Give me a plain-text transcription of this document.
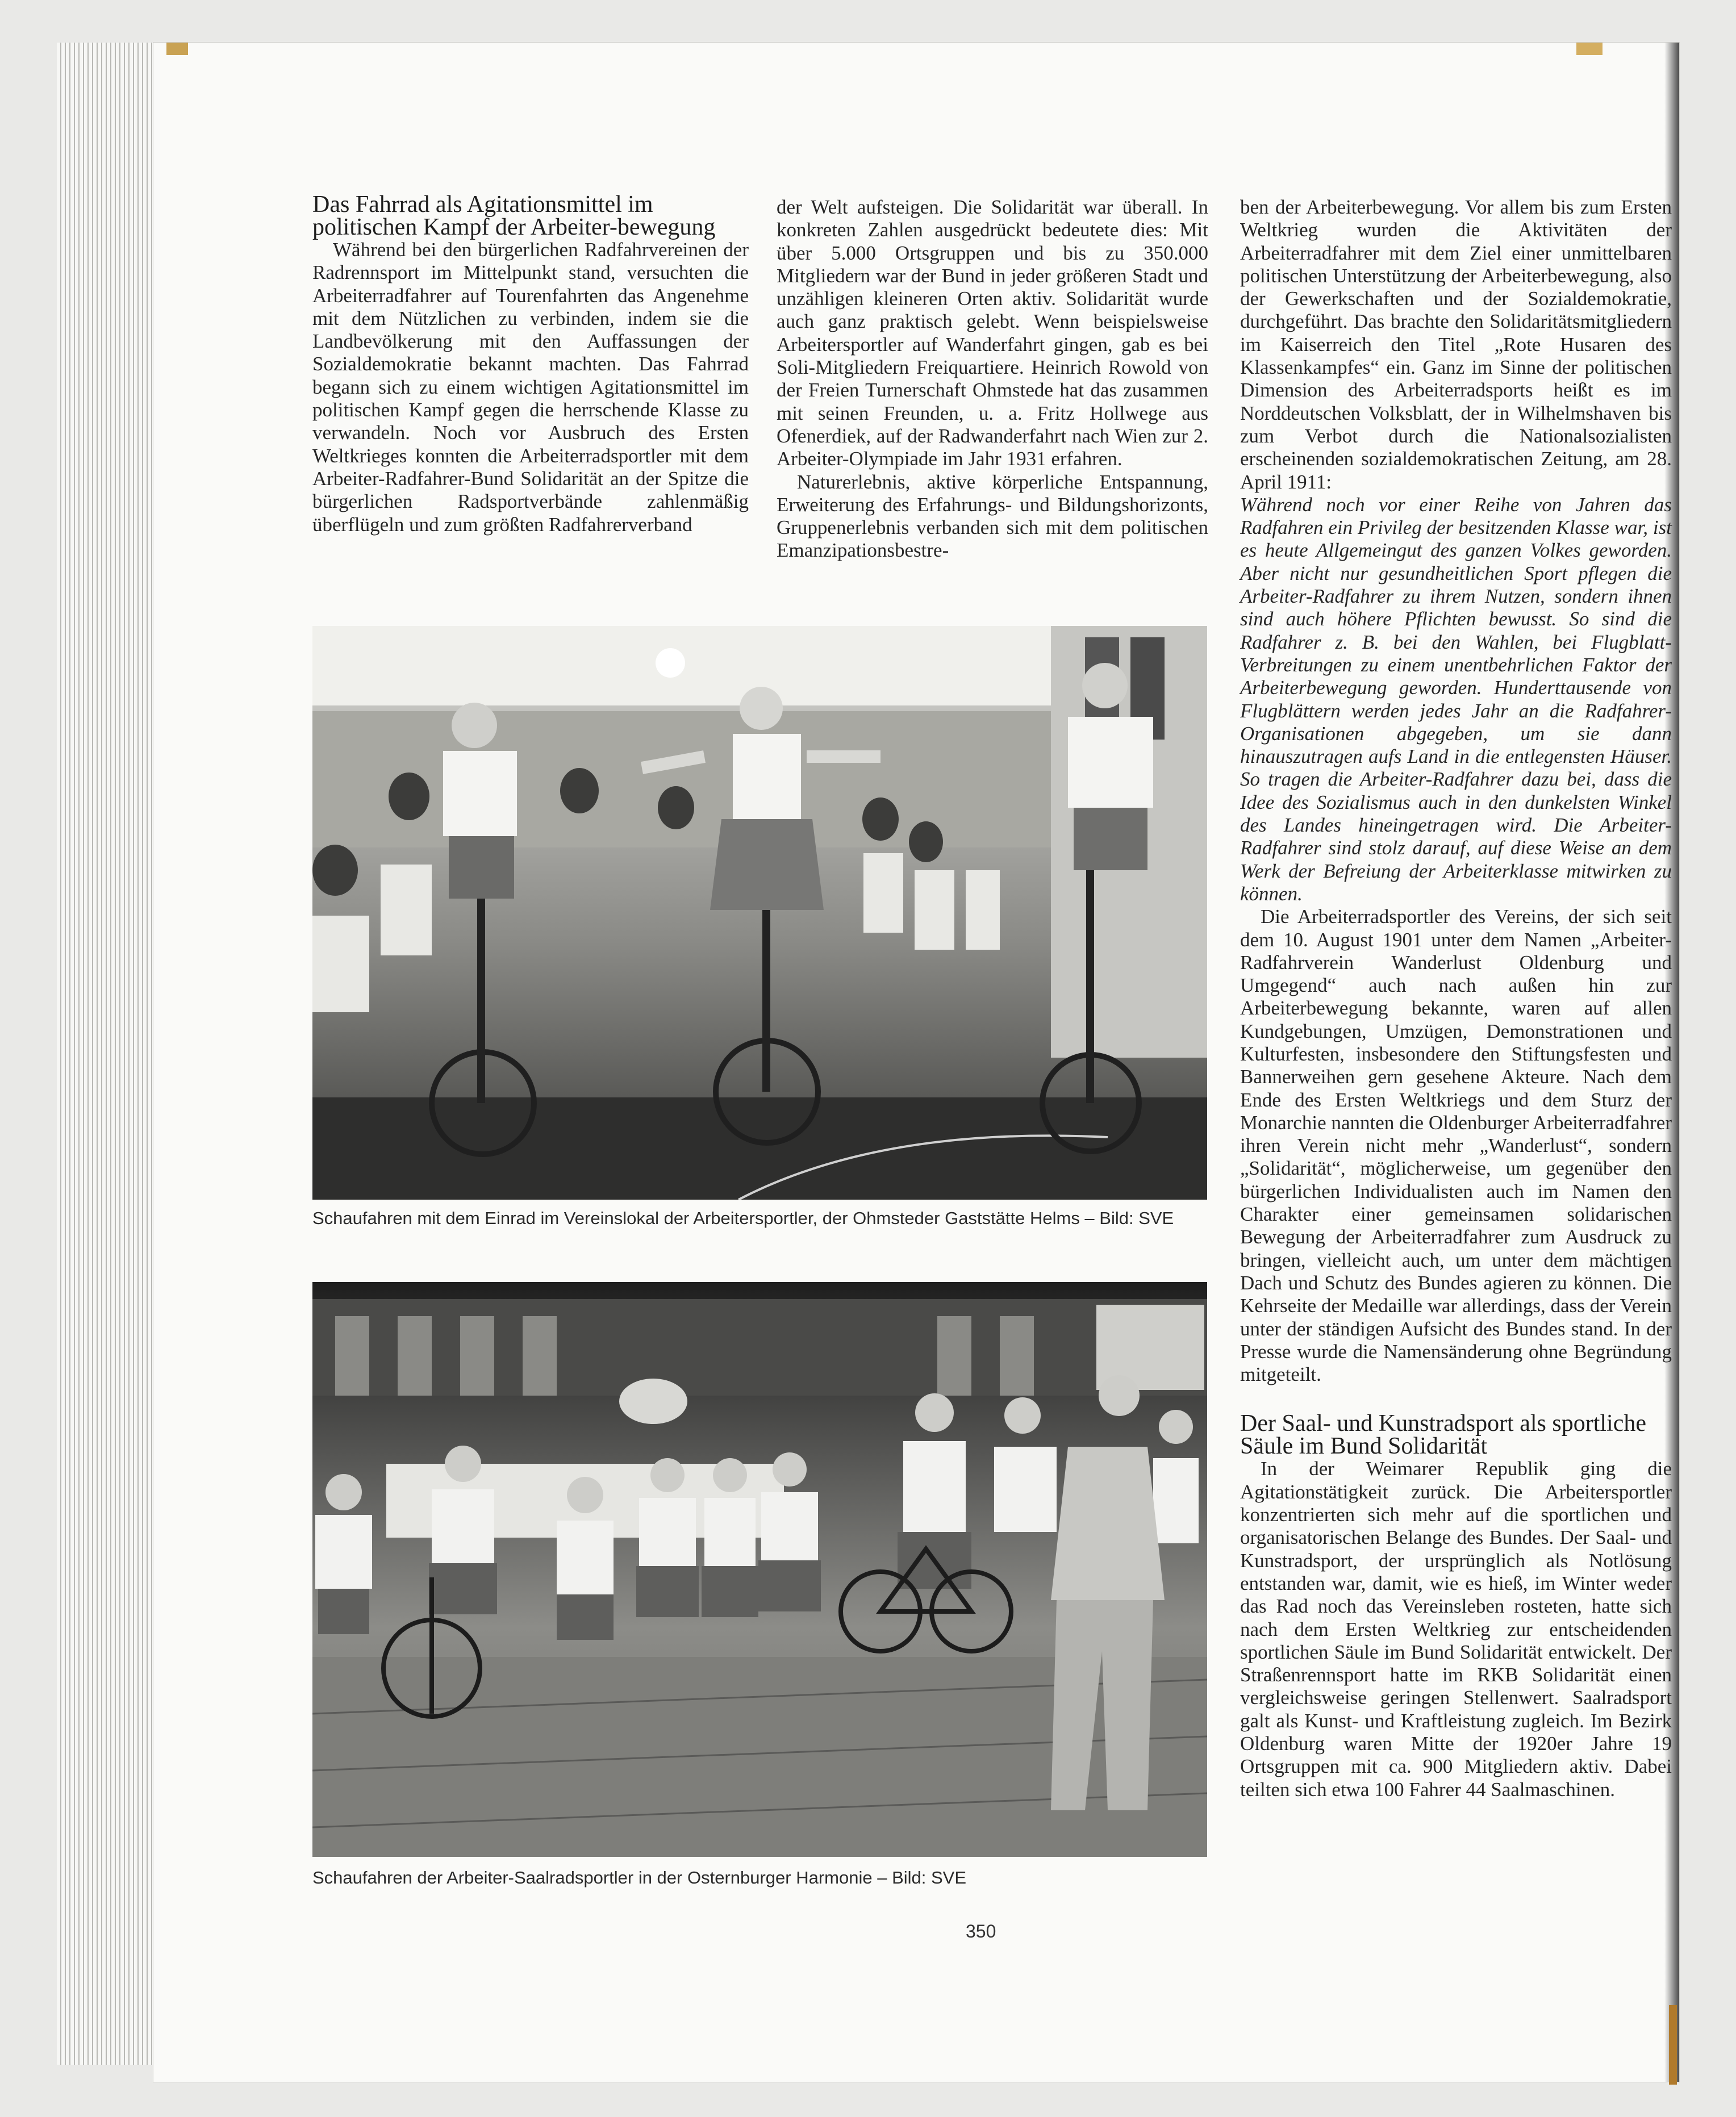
Das Fahrrad als Agitationsmittel im politischen Kampf der Arbeiter-bewegung

Während bei den bürgerlichen Radfahrvereinen der Radrennsport im Mittelpunkt stand, versuchten die Arbeiterradfahrer auf Tourenfahrten das Angenehme mit dem Nützlichen zu verbinden, indem sie die Landbevölkerung mit den Auffassungen der Sozialdemokratie bekannt machten. Das Fahrrad begann sich zu einem wichtigen Agitationsmittel im politischen Kampf gegen die herrschende Klasse zu verwandeln. Noch vor Ausbruch des Ersten Weltkrieges konnten die Arbeiterradsportler mit dem Arbeiter-Radfahrer-Bund Solidarität an der Spitze die bürgerlichen Radsportverbände zahlenmäßig überflügeln und zum größten Radfahrerverband

der Welt aufsteigen. Die Solidarität war überall. In konkreten Zahlen ausgedrückt bedeutete dies: Mit über 5.000 Ortsgruppen und bis zu 350.000 Mitgliedern war der Bund in jeder größeren Stadt und unzähligen kleineren Orten aktiv. Solidarität wurde auch ganz praktisch gelebt. Wenn beispielsweise Arbeitersportler auf Wanderfahrt gingen, gab es bei Soli-Mitgliedern Freiquartiere. Heinrich Rowold von der Freien Turnerschaft Ohmstede hat das zusammen mit seinen Freunden, u. a. Fritz Hollwege aus Ofenerdiek, auf der Radwanderfahrt nach Wien zur 2. Arbeiter-Olympiade im Jahr 1931 erfahren.

Naturerlebnis, aktive körperliche Entspannung, Erweiterung des Erfahrungs- und Bildungshorizonts, Gruppenerlebnis verbanden sich mit dem politischen Emanzipationsbestre-

ben der Arbeiterbewegung. Vor allem bis zum Ersten Weltkrieg wurden die Aktivitäten der Arbeiterradfahrer mit dem Ziel einer unmittelbaren politischen Unterstützung der Arbeiterbewegung, also der Gewerkschaften und der Sozialdemokratie, durchgeführt. Das brachte den Solidaritätsmitgliedern im Kaiserreich den Titel „Rote Husaren des Klassenkampfes“ ein. Ganz im Sinne der politischen Dimension des Arbeiterradsports heißt es im Norddeutschen Volksblatt, der in Wilhelmshaven bis zum Verbot durch die Nationalsozialisten erscheinenden sozialdemokratischen Zeitung, am 28. April 1911:

Während noch vor einer Reihe von Jahren das Radfahren ein Privileg der besitzenden Klasse war, ist es heute Allgemeingut des ganzen Volkes geworden. Aber nicht nur gesundheitlichen Sport pflegen die Arbeiter-Radfahrer zu ihrem Nutzen, sondern ihnen sind auch höhere Pflichten bewusst. So sind die Radfahrer z. B. bei den Wahlen, bei Flugblatt-Verbreitungen zu einem unentbehrlichen Faktor der Arbeiterbewegung geworden. Hunderttausende von Flugblättern werden jedes Jahr an die Radfahrer-Organisationen abgegeben, um sie dann hinauszutragen aufs Land in die entlegensten Häuser. So tragen die Arbeiter-Radfahrer dazu bei, dass die Idee des Sozialismus auch in den dunkelsten Winkel des Landes hineingetragen wird. Die Arbeiter-Radfahrer sind stolz darauf, auf diese Weise an dem Werk der Befreiung der Arbeiterklasse mitwirken zu können.

Die Arbeiterradsportler des Vereins, der sich seit dem 10. August 1901 unter dem Namen „Arbeiter-Radfahrverein Wanderlust Oldenburg und Umgegend“ auch nach außen hin zur Arbeiterbewegung bekannte, waren auf allen Kundgebungen, Umzügen, Demonstrationen und Kulturfesten, insbesondere den Stiftungsfesten und Bannerweihen gern gesehene Akteure. Nach dem Ende des Ersten Weltkriegs und dem Sturz der Monarchie nannten die Oldenburger Arbeiterradfahrer ihren Verein nicht mehr „Wanderlust“, sondern „Solidarität“, möglicherweise, um gegenüber den bürgerlichen Individualisten auch im Namen den Charakter einer gemeinsamen solidarischen Bewegung der Arbeiterradfahrer zum Ausdruck zu bringen, vielleicht auch, um unter dem mächtigen Dach und Schutz des Bundes agieren zu können. Die Kehrseite der Medaille war allerdings, dass der Verein unter der ständigen Aufsicht des Bundes stand. In der Presse wurde die Namensänderung ohne Begründung mitgeteilt.

Der Saal- und Kunstradsport als sportliche Säule im Bund Solidarität

In der Weimarer Republik ging die Agitationstätigkeit zurück. Die Arbeitersportler konzentrierten sich mehr auf die sportlichen und organisatorischen Belange des Bundes. Der Saal- und Kunstradsport, der ursprünglich als Notlösung entstanden war, damit, wie es hieß, im Winter weder das Rad noch das Vereinsleben rosteten, hatte sich nach dem Ersten Weltkrieg zur entscheidenden sportlichen Säule im Bund Solidarität entwickelt. Der Straßenrennsport hatte im RKB Solidarität einen vergleichsweise geringen Stellenwert. Saalradsport galt als Kunst- und Kraftleistung zugleich. Im Bezirk Oldenburg waren Mitte der 1920er Jahre 19 Ortsgruppen mit ca. 900 Mitgliedern aktiv. Dabei teilten sich etwa 100 Fahrer 44 Saalmaschinen.

Schaufahren mit dem Einrad im Vereinslokal der Arbeitersportler, der Ohmsteder Gaststätte Helms – Bild: SVE
Schaufahren der Arbeiter-Saalradsportler in der Osternburger Harmonie – Bild: SVE
350
